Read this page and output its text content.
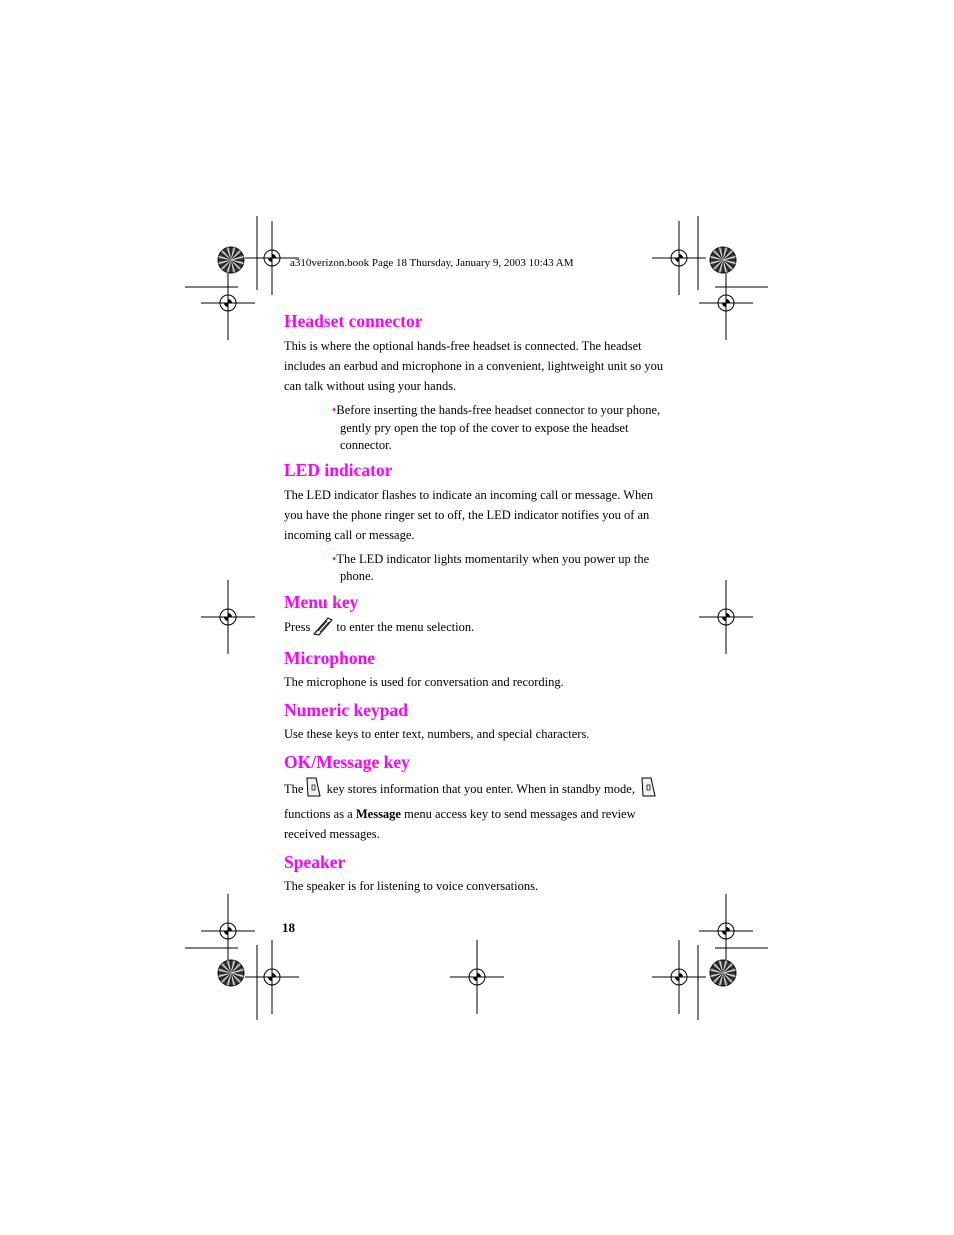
a310verizon.book Page 18 Thursday, January 9, 2003 10:43 AM
Headset connector

This is where the optional hands-free headset is connected. The headset includes an earbud and microphone in a convenient, lightweight unit so you can talk without using your hands.

•Before inserting the hands-free headset connector to your phone, gently pry open the top of the cover to expose the headset connector.

LED indicator

The LED indicator flashes to indicate an incoming call or message. When you have the phone ringer set to off, the LED indicator notifies you of an incoming call or message.

•The LED indicator lights momentarily when you power up the phone.

Menu key

Press to enter the menu selection.

Microphone

The microphone is used for conversation and recording.

Numeric keypad

Use these keys to enter text, numbers, and special characters.

OK/Message key

The key stores information that you enter. When in standby mode,  functions as a Message menu access key to send messages and review received messages.

Speaker

The speaker is for listening to voice conversations.

18
